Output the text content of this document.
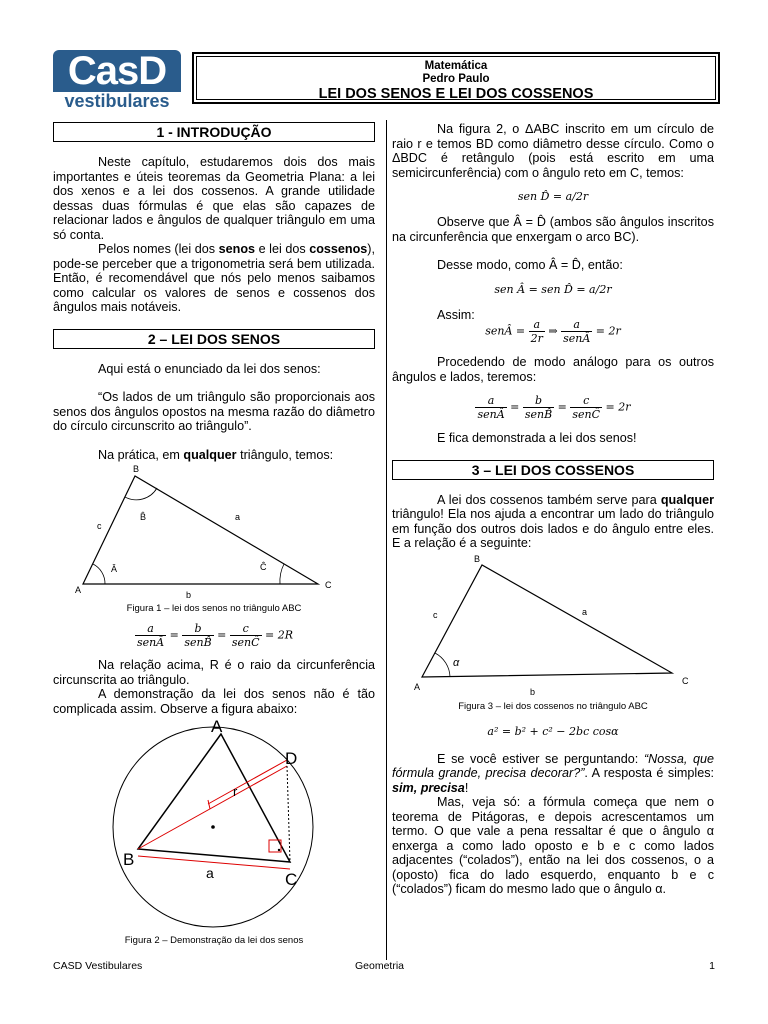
CasD
vestibulares
Matemática
Pedro Paulo
LEI DOS SENOS E LEI DOS COSSENOS
1 - INTRODUÇÃO

Neste capítulo, estudaremos dois dos mais importantes e úteis teoremas da Geometria Plana: a lei dos xenos e a lei dos cossenos. A grande utilidade dessas duas fórmulas é que elas são capazes de relacionar lados e ângulos de qualquer triângulo em uma só conta.

Pelos nomes (lei dos senos e lei dos cossenos), pode-se perceber que a trigonometria será bem utilizada. Então, é recomendável que nós pelo menos saibamos como calcular os valores de senos e cossenos dos ângulos mais notáveis.

2 – LEI DOS SENOS

Aqui está o enunciado da lei dos senos:

“Os lados de um triângulo são proporcionais aos senos dos ângulos opostos na mesma razão do diâmetro do círculo circunscrito ao triângulo”.

Na prática, em qualquer triângulo, temos:

A
B
C
a
b
c
Â
B̂
Ĉ
Figura 1 – lei dos senos no triângulo ABC
$\frac{a}{\text{senÂ}} = \frac{b}{\text{senB̂}} = \frac{c}{\text{senĈ}} = 2R$

Na relação acima, R é o raio da circunferência circunscrita ao triângulo.

A demonstração da lei dos senos não é tão complicada assim. Observe a figura abaixo:

A
B
C
D
r
a
Figura 2 – Demonstração da lei dos senos

Na figura 2, o ΔABC inscrito em um círculo de raio r e temos BD como diâmetro desse círculo. Como o ΔBDC é retângulo (pois está escrito em uma semicircunferência) com o ângulo reto em C, temos:

sen D̂ = a/2r

Observe que Â = D̂ (ambos são ângulos inscritos na circunferência que enxergam o arco BC).

Desse modo, como Â = D̂, então:

sen Â = sen D̂ = a/2r

Assim:

senÂ = $\frac{a}{2r}$ ⇒ $\frac{a}{\text{senÂ}} = 2r$

Procedendo de modo análogo para os outros ângulos e lados, teremos:

$\frac{a}{\text{senÂ}} = \frac{b}{\text{senB̂}} = \frac{c}{\text{senĈ}} = 2r$

E fica demonstrada a lei dos senos!

3 – LEI DOS COSSENOS

A lei dos cossenos também serve para qualquer triângulo! Ela nos ajuda a encontrar um lado do triângulo em função dos outros dois lados e do ângulo entre eles. E a relação é a seguinte:

A
B
C
a
b
c
α
Figura 3 – lei dos cossenos no triângulo ABC
a² = b² + c² − 2bc cosα

E se você estiver se perguntando: “Nossa, que fórmula grande, precisa decorar?”. A resposta é simples: sim, precisa!

Mas, veja só: a fórmula começa que nem o teorema de Pitágoras, e depois acrescentamos um termo. O que vale a pena ressaltar é que o ângulo α enxerga a como lado oposto e b e c como lados adjacentes (“colados”), então na lei dos cossenos, o a (oposto) fica do lado esquerdo, enquanto b e c (“colados”) ficam do mesmo lado que o ângulo α.

CASD Vestibulares	Geometria	1
